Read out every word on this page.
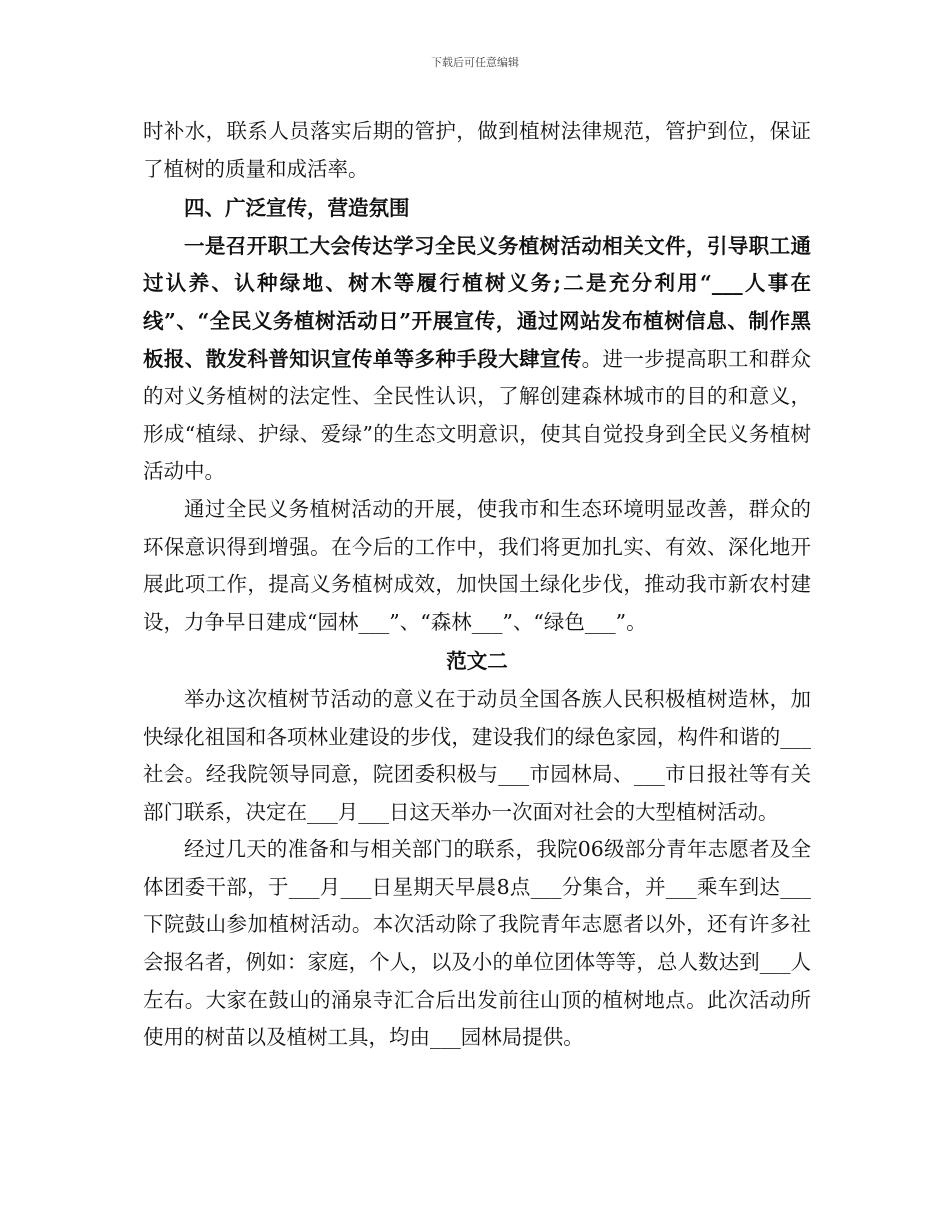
下载后可任意编辑

时补水，联系人员落实后期的管护，做到植树法律规范，管护到位，保证了植树的质量和成活率。

四、广泛宣传，营造氛围

一是召开职工大会传达学习全民义务植树活动相关文件，引导职工通过认养、认种绿地、树木等履行植树义务;二是充分利用“___人事在线”、“全民义务植树活动日”开展宣传，通过网站发布植树信息、制作黑板报、散发科普知识宣传单等多种手段大肆宣传。进一步提高职工和群众的对义务植树的法定性、全民性认识，了解创建森林城市的目的和意义，形成“植绿、护绿、爱绿”的生态文明意识，使其自觉投身到全民义务植树活动中。

通过全民义务植树活动的开展，使我市和生态环境明显改善，群众的环保意识得到增强。在今后的工作中，我们将更加扎实、有效、深化地开展此项工作，提高义务植树成效，加快国土绿化步伐，推动我市新农村建设，力争早日建成“园林___”、“森林___”、“绿色___”。

范文二

举办这次植树节活动的意义在于动员全国各族人民积极植树造林，加快绿化祖国和各项林业建设的步伐，建设我们的绿色家园，构件和谐的___社会。经我院领导同意，院团委积极与___市园林局、___市日报社等有关部门联系，决定在___月___日这天举办一次面对社会的大型植树活动。

经过几天的准备和与相关部门的联系，我院06级部分青年志愿者及全体团委干部，于___月___日星期天早晨8点___分集合，并___乘车到达___下院鼓山参加植树活动。本次活动除了我院青年志愿者以外，还有许多社会报名者，例如：家庭，个人，以及小的单位团体等等，总人数达到___人左右。大家在鼓山的涌泉寺汇合后出发前往山顶的植树地点。此次活动所使用的树苗以及植树工具，均由___园林局提供。
